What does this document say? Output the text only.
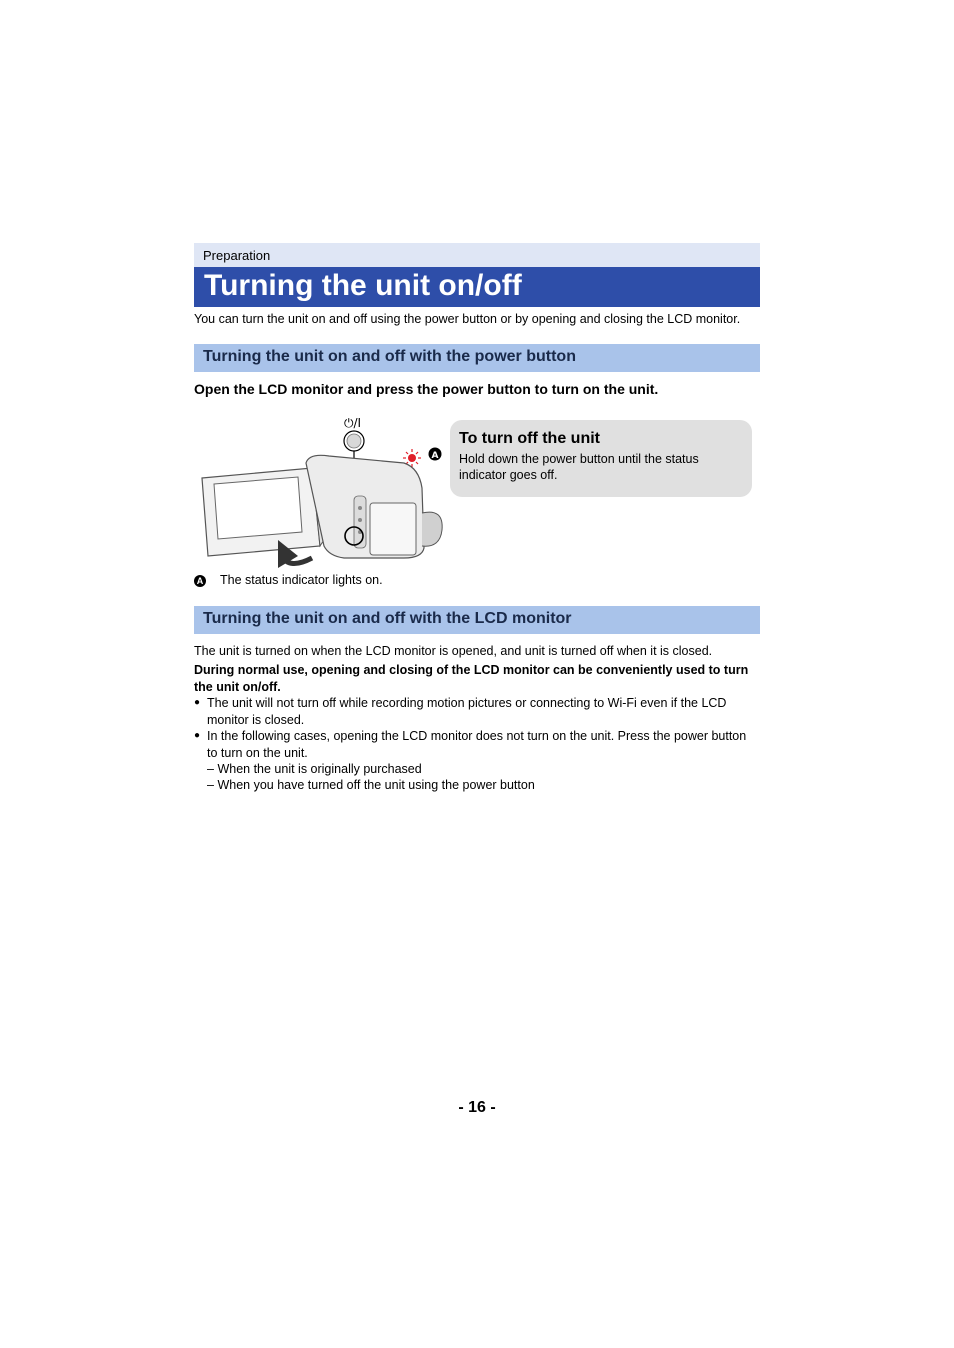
Preparation
Turning the unit on/off
You can turn the unit on and off using the power button or by opening and closing the LCD monitor.
Turning the unit on and off with the power button
Open the LCD monitor and press the power button to turn on the unit.
⏻/I
A
To turn off the unit
Hold down the power button until the status indicator goes off.
A The status indicator lights on.
Turning the unit on and off with the LCD monitor
The unit is turned on when the LCD monitor is opened, and unit is turned off when it is closed.
During normal use, opening and closing of the LCD monitor can be conveniently used to turn the unit on/off.
● The unit will not turn off while recording motion pictures or connecting to Wi-Fi even if the LCD monitor is closed.
● In the following cases, opening the LCD monitor does not turn on the unit. Press the power button to turn on the unit.
– When the unit is originally purchased
– When you have turned off the unit using the power button
- 16 -
